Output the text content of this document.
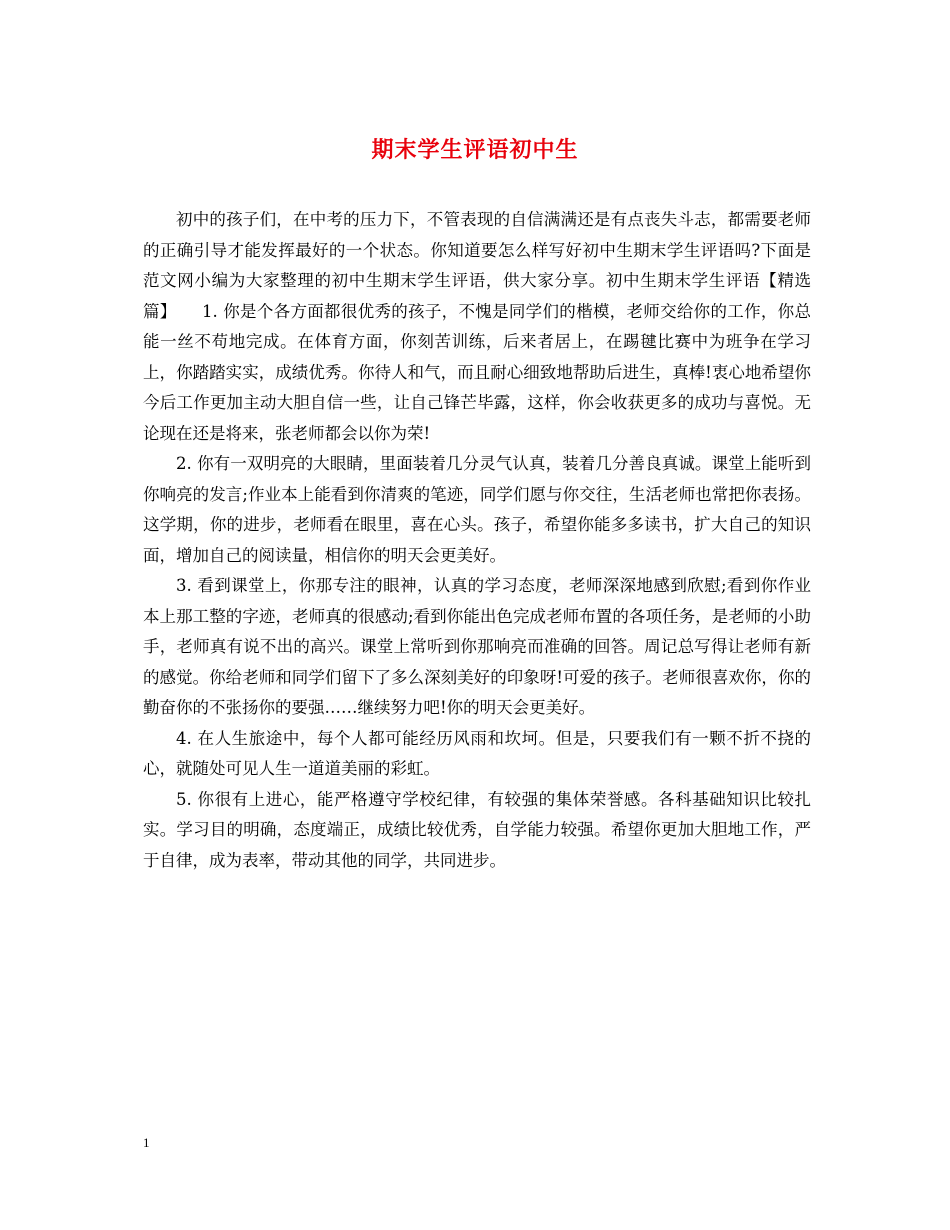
期末学生评语初中生

初中的孩子们，在中考的压力下，不管表现的自信满满还是有点丧失斗志，都需要老师的正确引导才能发挥最好的一个状态。你知道要怎么样写好初中生期末学生评语吗?下面是范文网小编为大家整理的初中生期末学生评语，供大家分享。初中生期末学生评语【精选篇】　　1. 你是个各方面都很优秀的孩子，不愧是同学们的楷模，老师交给你的工作，你总能一丝不苟地完成。在体育方面，你刻苦训练，后来者居上，在踢毽比赛中为班争在学习上，你踏踏实实，成绩优秀。你待人和气，而且耐心细致地帮助后进生，真棒!衷心地希望你今后工作更加主动大胆自信一些，让自己锋芒毕露，这样，你会收获更多的成功与喜悦。无论现在还是将来，张老师都会以你为荣!

2. 你有一双明亮的大眼睛，里面装着几分灵气认真，装着几分善良真诚。课堂上能听到你响亮的发言;作业本上能看到你清爽的笔迹，同学们愿与你交往，生活老师也常把你表扬。这学期，你的进步，老师看在眼里，喜在心头。孩子，希望你能多多读书，扩大自己的知识面，增加自己的阅读量，相信你的明天会更美好。

3. 看到课堂上，你那专注的眼神，认真的学习态度，老师深深地感到欣慰;看到你作业本上那工整的字迹，老师真的很感动;看到你能出色完成老师布置的各项任务，是老师的小助手，老师真有说不出的高兴。课堂上常听到你那响亮而准确的回答。周记总写得让老师有新的感觉。你给老师和同学们留下了多么深刻美好的印象呀!可爱的孩子。老师很喜欢你，你的勤奋你的不张扬你的要强……继续努力吧!你的明天会更美好。

4. 在人生旅途中，每个人都可能经历风雨和坎坷。但是，只要我们有一颗不折不挠的心，就随处可见人生一道道美丽的彩虹。

5. 你很有上进心，能严格遵守学校纪律，有较强的集体荣誉感。各科基础知识比较扎实。学习目的明确，态度端正，成绩比较优秀，自学能力较强。希望你更加大胆地工作，严于自律，成为表率，带动其他的同学，共同进步。

1
